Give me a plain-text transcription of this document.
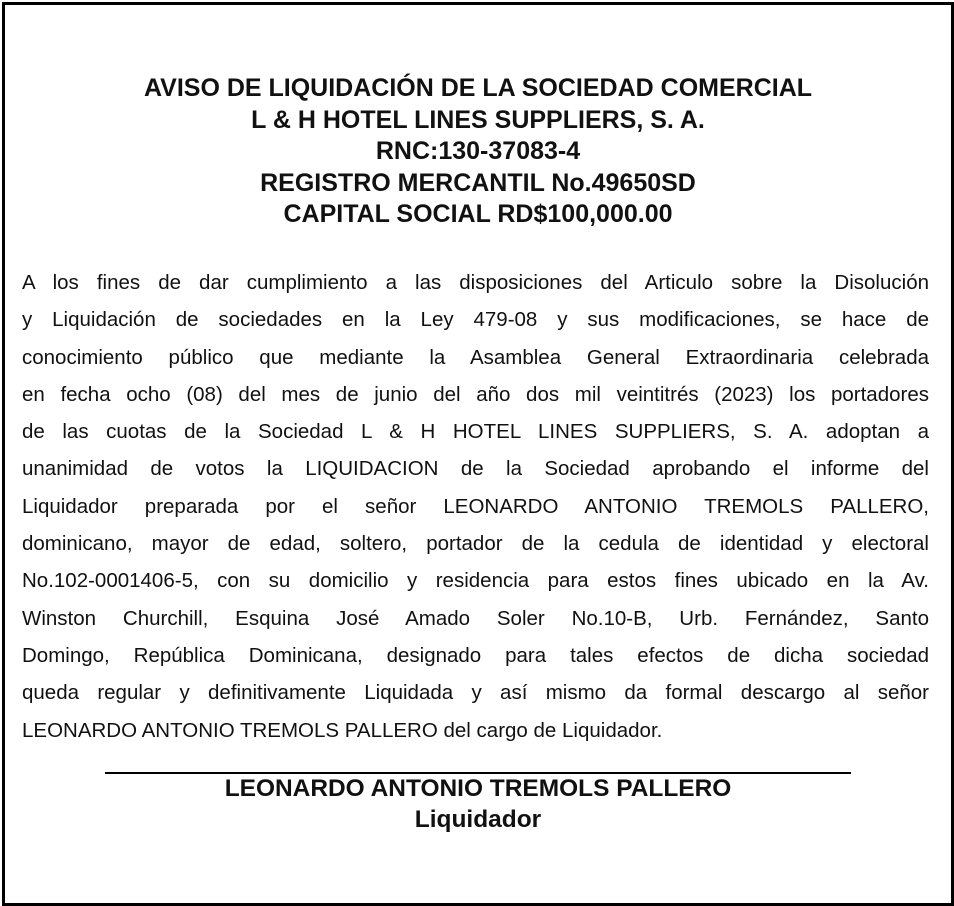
AVISO DE LIQUIDACIÓN DE LA SOCIEDAD COMERCIAL
L & H HOTEL LINES SUPPLIERS, S. A.
RNC:130-37083-4
REGISTRO MERCANTIL No.49650SD
CAPITAL SOCIAL RD$100,000.00
A los fines de dar cumplimiento a las disposiciones del Articulo sobre la Disolución
y Liquidación de sociedades en la Ley 479-08 y sus modificaciones, se hace de
conocimiento público que mediante la Asamblea General Extraordinaria celebrada
en fecha ocho (08) del mes de junio del año dos mil veintitrés (2023) los portadores
de las cuotas de la Sociedad L & H HOTEL LINES SUPPLIERS, S. A. adoptan a
unanimidad de votos la LIQUIDACION de la Sociedad aprobando el informe del
Liquidador preparada por el señor LEONARDO ANTONIO TREMOLS PALLERO,
dominicano, mayor de edad, soltero, portador de la cedula de identidad y electoral
No.102-0001406-5, con su domicilio y residencia para estos fines ubicado en la Av.
Winston Churchill, Esquina José Amado Soler No.10-B, Urb. Fernández, Santo
Domingo, República Dominicana, designado para tales efectos de dicha sociedad
queda regular y definitivamente Liquidada y así mismo da formal descargo al señor
LEONARDO ANTONIO TREMOLS PALLERO del cargo de Liquidador.
LEONARDO ANTONIO TREMOLS PALLERO
Liquidador
